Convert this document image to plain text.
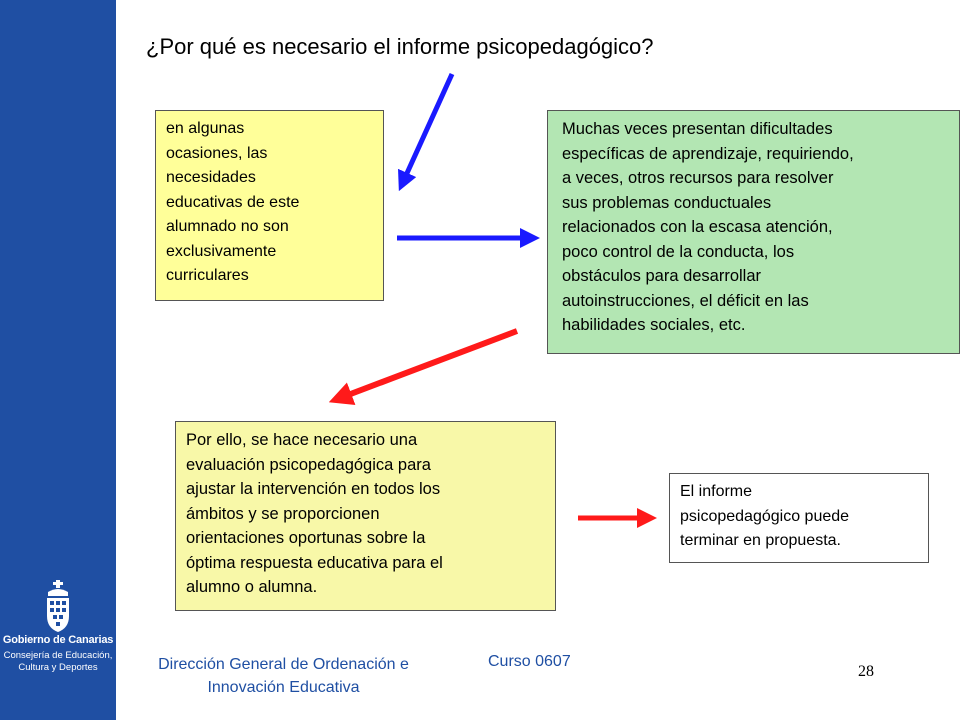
Gobierno de Canarias
Consejería de Educación,
Cultura y Deportes
¿Por qué es necesario el informe psicopedagógico?
en algunas
ocasiones, las
necesidades
educativas de este
alumnado no son
exclusivamente
curriculares
Muchas veces presentan dificultades
específicas de aprendizaje, requiriendo,
a veces, otros recursos para resolver
sus problemas conductuales
relacionados con la escasa atención,
poco control de la conducta, los
obstáculos para desarrollar
autoinstrucciones, el déficit en las
habilidades sociales, etc.
Por ello, se hace necesario una
evaluación psicopedagógica para
ajustar la intervención en todos los
ámbitos y se proporcionen
orientaciones oportunas sobre la
óptima respuesta educativa para el
alumno o alumna.
El informe
psicopedagógico puede
terminar en propuesta.
Dirección General de Ordenación e
Innovación Educativa
Curso 0607
28
